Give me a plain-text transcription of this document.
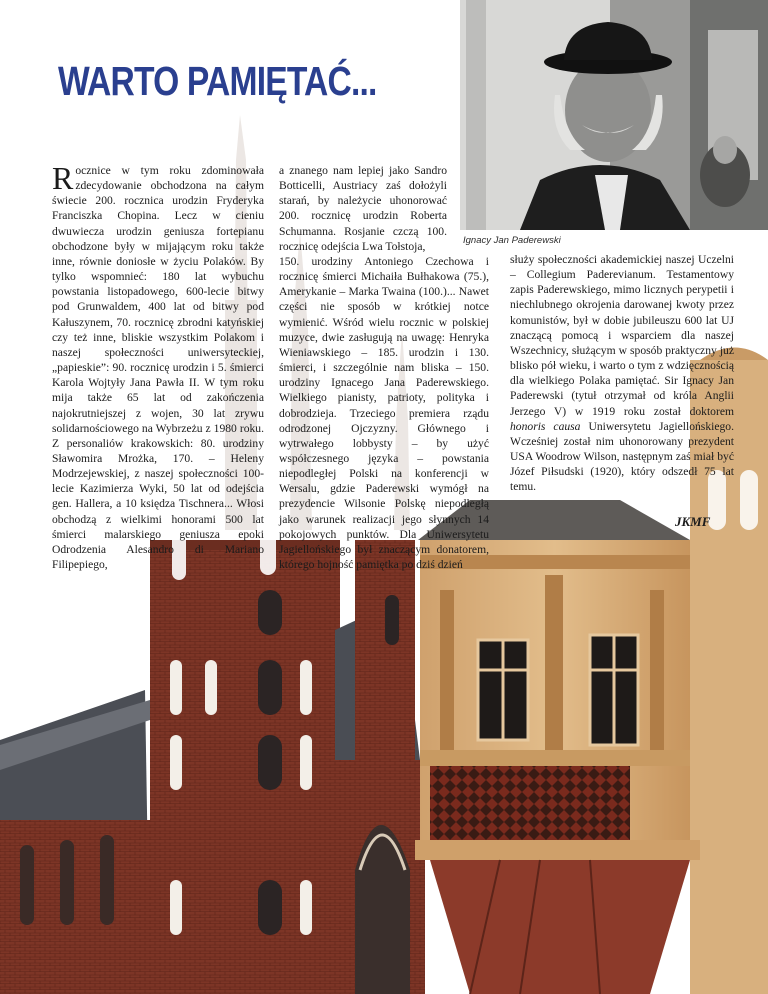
WARTO PAMIĘTAĆ...
Ignacy Jan Paderewski

Rocznice w tym roku zdominowała zdecydowanie obchodzona na całym świecie 200. rocznica urodzin Fryderyka Franciszka Chopina. Lecz w cieniu dwuwiecza urodzin geniusza fortepianu obchodzone były w mijającym roku także inne, równie doniosłe w życiu Polaków. By tylko wspomnieć: 180 lat wybuchu powstania listopadowego, 600-lecie bitwy pod Grunwaldem, 400 lat od bitwy pod Kałuszynem, 70. rocznicę zbrodni katyńskiej czy też inne, bliskie wszystkim Polakom i naszej społeczności uniwersyteckiej, „papieskie”: 90. rocznicę urodzin i 5. śmierci Karola Wojtyły Jana Pawła II. W tym roku mija także 65 lat od zakończenia najokrutniejszej z wojen, 30 lat zrywu solidarnościowego na Wybrzeżu z 1980 roku. Z personaliów krakowskich: 80. urodziny Sławomira Mrożka, 170. – Heleny Modrzejewskiej, z naszej społeczności 100-lecie Kazimierza Wyki, 50 lat od odejścia gen. Hallera, a 10 księdza Tischnera... Włosi obchodzą z wielkimi honorami 500 lat śmierci malarskiego geniusza epoki Odrodzenia Alesandro di Mariano Filipepiego,

a znanego nam lepiej jako Sandro Botticelli, Austriacy zaś dołożyli starań, by należycie uhonorować 200. rocznicę urodzin Roberta Schumanna. Rosjanie czczą 100. rocznicę odejścia Lwa Tołstoja,

150. urodziny Antoniego Czechowa i rocznicę śmierci Michaiła Bułhakowa (75.), Amerykanie – Marka Twaina (100.)... Nawet części nie sposób w krótkiej notce wymienić. Wśród wielu rocznic w polskiej muzyce, dwie zasługują na uwagę: Henryka Wieniawskiego – 185. urodzin i 130. śmierci, i szczególnie nam bliska – 150. urodziny Ignacego Jana Paderewskiego. Wielkiego pianisty, patrioty, polityka i dobrodzieja. Trzeciego premiera rządu odrodzonej Ojczyzny. Głównego i wytrwałego lobbysty – by użyć współczesnego języka – powstania niepodległej Polski na konferencji w Wersalu, gdzie Paderewski wymógł na prezydencie Wilsonie Polskę niepodległą jako warunek realizacji jego słynnych 14 pokojowych punktów. Dla Uniwersytetu Jagiellońskiego był znaczącym donatorem, którego hojność pamiętka po dziś dzień

służy społeczności akademickiej naszej Uczelni – Collegium Paderevianum. Testamentowy zapis Paderewskiego, mimo licznych perypetii i niechlubnego okrojenia darowanej kwoty przez komunistów, był w dobie jubileuszu 600 lat UJ znaczącą pomocą i wsparciem dla naszej Wszechnicy, służącym w sposób praktyczny już blisko pół wieku, i warto o tym z wdzięcznością dla wielkiego Polaka pamiętać. Sir Ignacy Jan Paderewski (tytuł otrzymał od króla Anglii Jerzego V) w 1919 roku został doktorem honoris causa Uniwersytetu Jagiellońskiego. Wcześniej został nim uhonorowany prezydent USA Woodrow Wilson, następnym zaś miał być Józef Piłsudski (1920), który odszedł 75 lat temu.

JKMF
